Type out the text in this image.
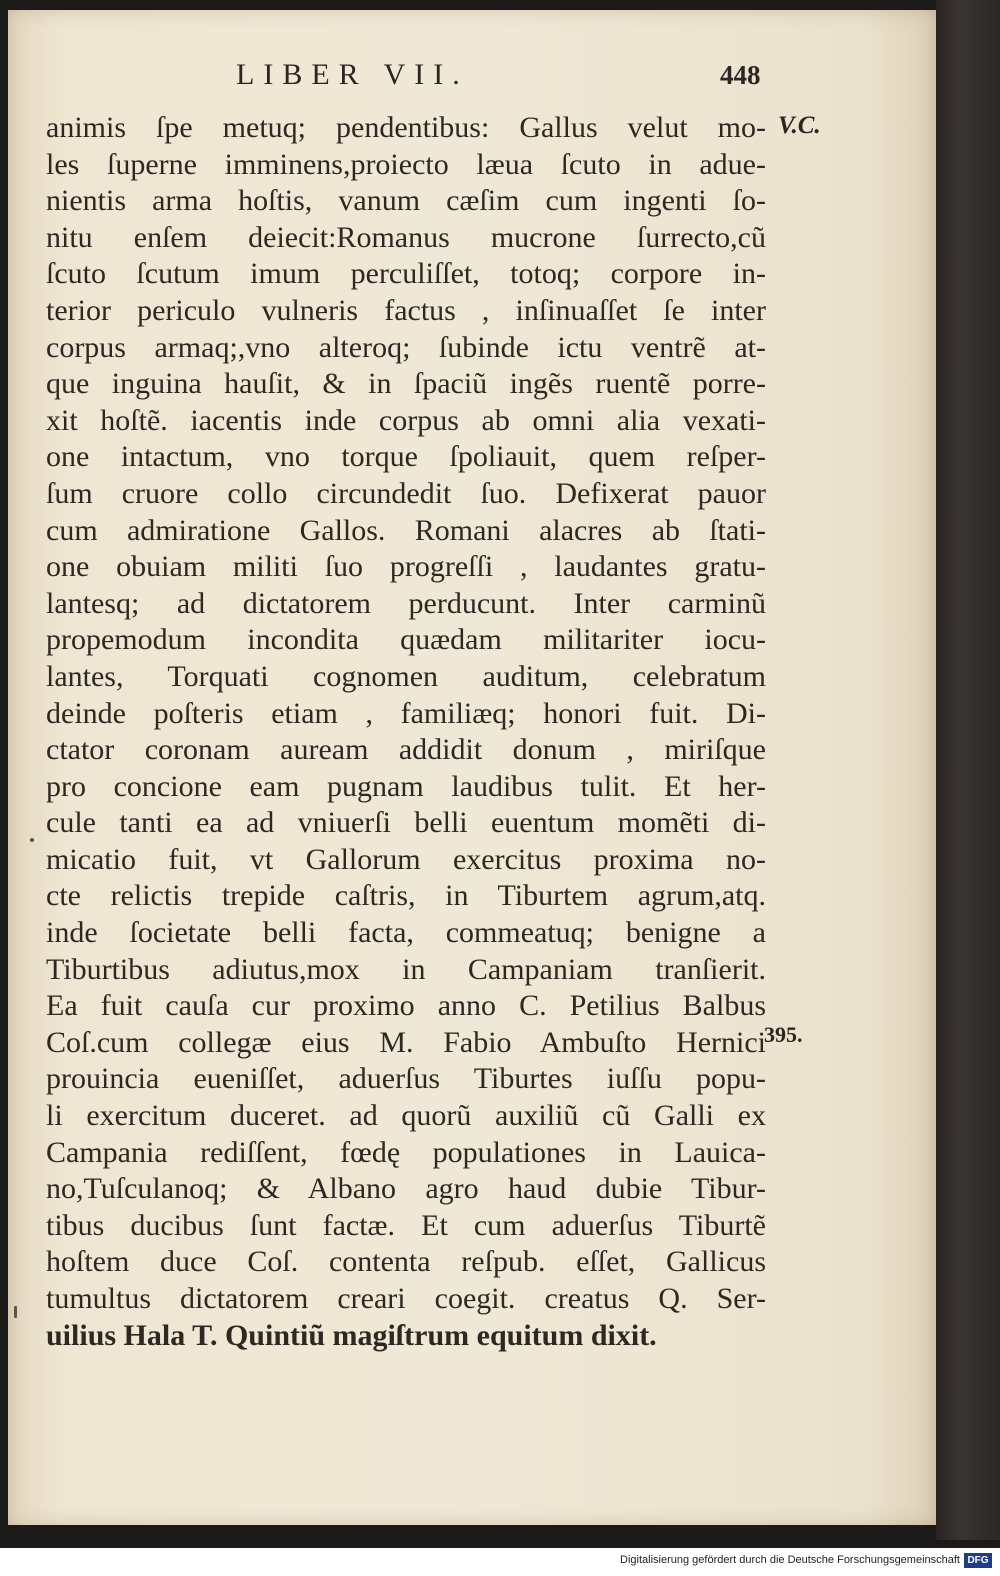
LIBER VII.	448
V.C.
395.
animis ſpe metuq; pendentibus: Gallus velut mo-
les ſuperne imminens,proiecto læua ſcuto in adue-
nientis arma hoſtis, vanum cæſim cum ingenti ſo-
nitu enſem deiecit:Romanus mucrone ſurrecto,cũ
ſcuto ſcutum imum perculiſſet, totoq; corpore in-
terior periculo vulneris factus , inſinuaſſet ſe inter
corpus armaq;,vno alteroq; ſubinde ictu ventrẽ at-
que inguina hauſit, & in ſpaciũ ingẽs ruentẽ porre-
xit hoſtẽ. iacentis inde corpus ab omni alia vexati-
one intactum, vno torque ſpoliauit, quem reſper-
ſum cruore collo circundedit ſuo. Defixerat pauor
cum admiratione Gallos. Romani alacres ab ſtati-
one obuiam militi ſuo progreſſi , laudantes gratu-
lantesq; ad dictatorem perducunt. Inter carminũ
propemodum incondita quædam militariter iocu-
lantes, Torquati cognomen auditum, celebratum
deinde poſteris etiam , familiæq; honori fuit. Di-
ctator coronam auream addidit donum , miriſque
pro concione eam pugnam laudibus tulit. Et her-
cule tanti ea ad vniuerſi belli euentum momẽti di-
micatio fuit, vt Gallorum exercitus proxima no-
cte relictis trepide caſtris, in Tiburtem agrum,atq.
inde ſocietate belli facta, commeatuq; benigne a
Tiburtibus adiutus,mox in Campaniam tranſierit.
Ea fuit cauſa cur proximo anno C. Petilius Balbus
Coſ.cum collegæ eius M. Fabio Ambuſto Hernici
prouincia eueniſſet, aduerſus Tiburtes iuſſu popu-
li exercitum duceret. ad quorũ auxiliũ cũ Galli ex
Campania rediſſent, fœdę populationes in Lauica-
no,Tuſculanoq; & Albano agro haud dubie Tibur-
tibus ducibus ſunt factæ. Et cum aduerſus Tiburtẽ
hoſtem duce Coſ. contenta reſpub. eſſet, Gallicus
tumultus dictatorem creari coegit. creatus Q. Ser-
uilius Hala T. Quintiũ magiſtrum equitum dixit.
Digitalisierung gefördert durch die Deutsche Forschungsgemeinschaft DFG
